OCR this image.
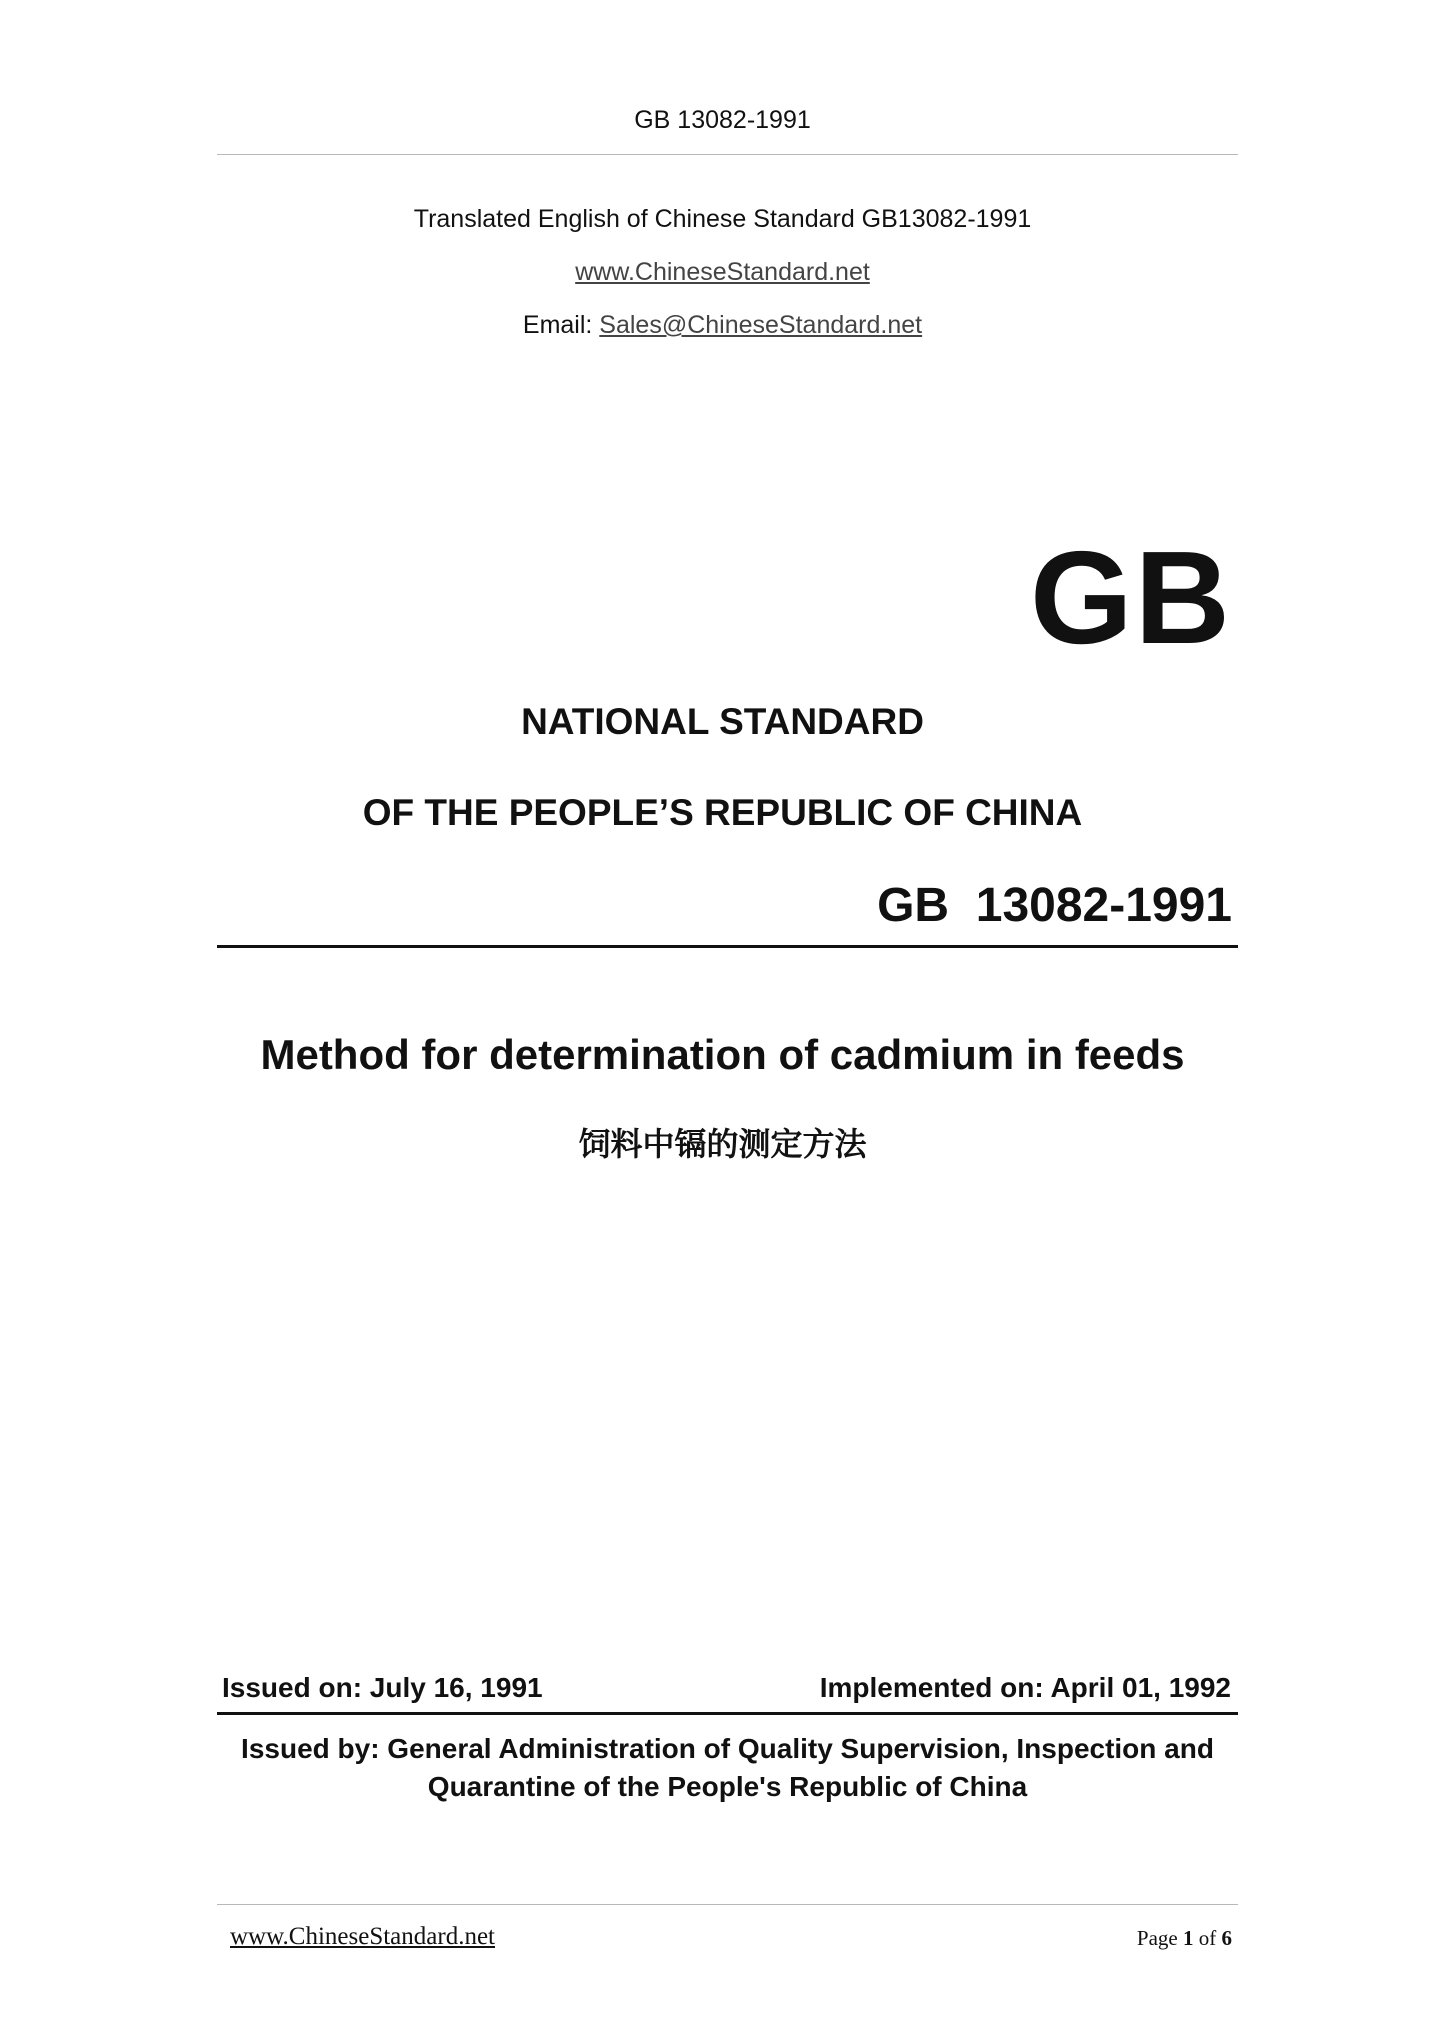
GB 13082-1991
Translated English of Chinese Standard GB13082-1991
www.ChineseStandard.net
Email: Sales@ChineseStandard.net
GB
NATIONAL STANDARD
OF THE PEOPLE’S REPUBLIC OF CHINA
GB  13082-1991
Method for determination of cadmium in feeds
饲料中镉的测定方法
Issued on: July 16, 1991	Implemented on: April 01, 1992
Issued by: General Administration of Quality Supervision, Inspection and
Quarantine of the People's Republic of China
www.ChineseStandard.net	Page 1 of 6
